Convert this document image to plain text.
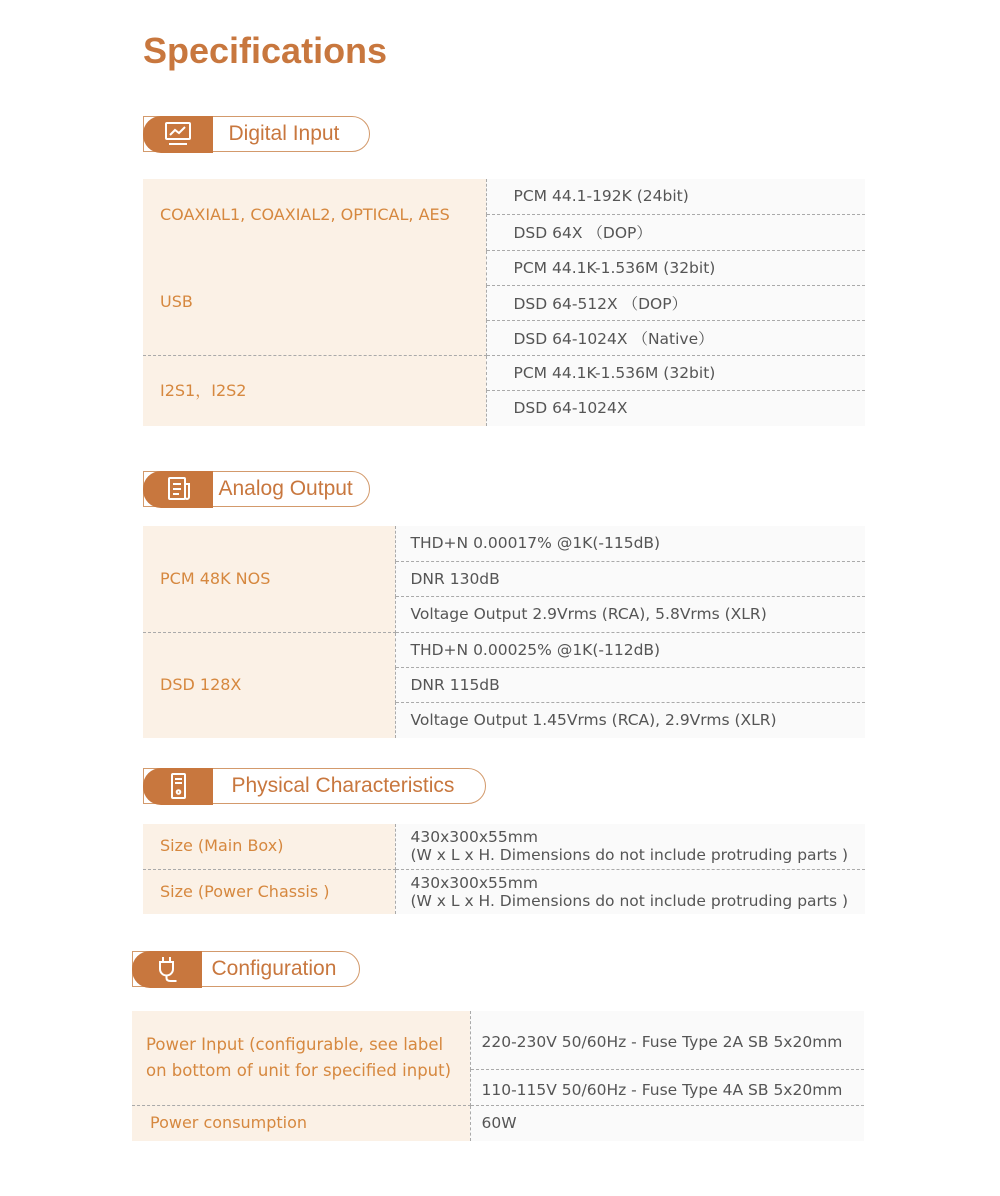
Specifications
Digital Input
COAXIAL1, COAXIAL2, OPTICAL, AES	PCM 44.1-192K (24bit)
	DSD 64X （DOP）
USB	PCM 44.1K-1.536M (32bit)
	DSD 64-512X （DOP）
	DSD 64-1024X （Native）
I2S1，I2S2	PCM 44.1K-1.536M (32bit)
	DSD 64-1024X
Analog Output
PCM 48K NOS	THD+N 0.00017% @1K(-115dB)
	DNR 130dB
	Voltage Output 2.9Vrms (RCA), 5.8Vrms (XLR)
DSD 128X	THD+N 0.00025% @1K(-112dB)
	DNR 115dB
	Voltage Output 1.45Vrms (RCA), 2.9Vrms (XLR)
Physical Characteristics
Size (Main Box)	430x300x55mm
(W x L x H. Dimensions do not include protruding parts )

Size (Power Chassis )	430x300x55mm
(W x L x H. Dimensions do not include protruding parts )
Configuration
Power Input (configurable, see label on bottom of unit for specified input)	220-230V 50/60Hz - Fuse Type 2A SB 5x20mm
	110-115V 50/60Hz - Fuse Type 4A SB 5x20mm
Power consumption	60W
